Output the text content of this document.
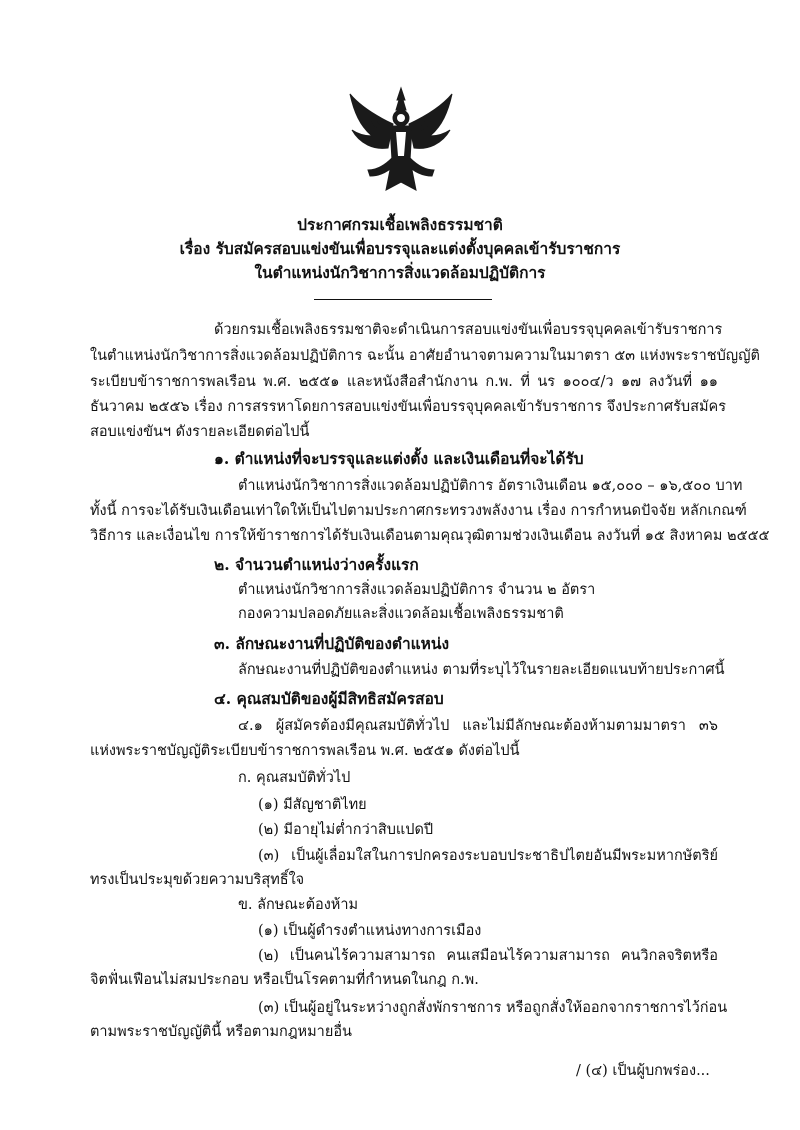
ประกาศกรมเชื้อเพลิงธรรมชาติ
เรื่อง รับสมัครสอบแข่งขันเพื่อบรรจุและแต่งตั้งบุคคลเข้ารับราชการ
ในตำแหน่งนักวิชาการสิ่งแวดล้อมปฏิบัติการ
ด้วยกรมเชื้อเพลิงธรรมชาติจะดำเนินการสอบแข่งขันเพื่อบรรจุบุคคลเข้ารับราชการ
ในตำแหน่งนักวิชาการสิ่งแวดล้อมปฏิบัติการ ฉะนั้น อาศัยอำนาจตามความในมาตรา ๕๓ แห่งพระราชบัญญัติ
ระเบียบข้าราชการพลเรือน พ.ศ. ๒๕๕๑ และหนังสือสำนักงาน ก.พ. ที่ นร ๑๐๐๔/ว ๑๗ ลงวันที่ ๑๑
ธันวาคม ๒๕๕๖ เรื่อง การสรรหาโดยการสอบแข่งขันเพื่อบรรจุบุคคลเข้ารับราชการ จึงประกาศรับสมัคร
สอบแข่งขันฯ ดังรายละเอียดต่อไปนี้
๑. ตำแหน่งที่จะบรรจุและแต่งตั้ง และเงินเดือนที่จะได้รับ
ตำแหน่งนักวิชาการสิ่งแวดล้อมปฏิบัติการ อัตราเงินเดือน ๑๕,๐๐๐ – ๑๖,๕๐๐ บาท
ทั้งนี้ การจะได้รับเงินเดือนเท่าใดให้เป็นไปตามประกาศกระทรวงพลังงาน เรื่อง การกำหนดปัจจัย หลักเกณฑ์
วิธีการ และเงื่อนไข การให้ข้าราชการได้รับเงินเดือนตามคุณวุฒิตามช่วงเงินเดือน ลงวันที่ ๑๕ สิงหาคม ๒๕๕๕
๒. จำนวนตำแหน่งว่างครั้งแรก
ตำแหน่งนักวิชาการสิ่งแวดล้อมปฏิบัติการ จำนวน ๒ อัตรา
กองความปลอดภัยและสิ่งแวดล้อมเชื้อเพลิงธรรมชาติ
๓. ลักษณะงานที่ปฏิบัติของตำแหน่ง
ลักษณะงานที่ปฏิบัติของตำแหน่ง ตามที่ระบุไว้ในรายละเอียดแนบท้ายประกาศนี้
๔. คุณสมบัติของผู้มีสิทธิสมัครสอบ
๔.๑ ผู้สมัครต้องมีคุณสมบัติทั่วไป และไม่มีลักษณะต้องห้ามตามมาตรา ๓๖
แห่งพระราชบัญญัติระเบียบข้าราชการพลเรือน พ.ศ. ๒๕๕๑ ดังต่อไปนี้
ก. คุณสมบัติทั่วไป
(๑) มีสัญชาติไทย
(๒) มีอายุไม่ต่ำกว่าสิบแปดปี
(๓) เป็นผู้เลื่อมใสในการปกครองระบอบประชาธิปไตยอันมีพระมหากษัตริย์
ทรงเป็นประมุขด้วยความบริสุทธิ์ใจ
ข. ลักษณะต้องห้าม
(๑) เป็นผู้ดำรงตำแหน่งทางการเมือง
(๒) เป็นคนไร้ความสามารถ คนเสมือนไร้ความสามารถ คนวิกลจริตหรือ
จิตฟั่นเฟือนไม่สมประกอบ หรือเป็นโรคตามที่กำหนดในกฎ ก.พ.
(๓) เป็นผู้อยู่ในระหว่างถูกสั่งพักราชการ หรือถูกสั่งให้ออกจากราชการไว้ก่อน
ตามพระราชบัญญัตินี้ หรือตามกฎหมายอื่น
/ (๔) เป็นผู้บกพร่อง...
